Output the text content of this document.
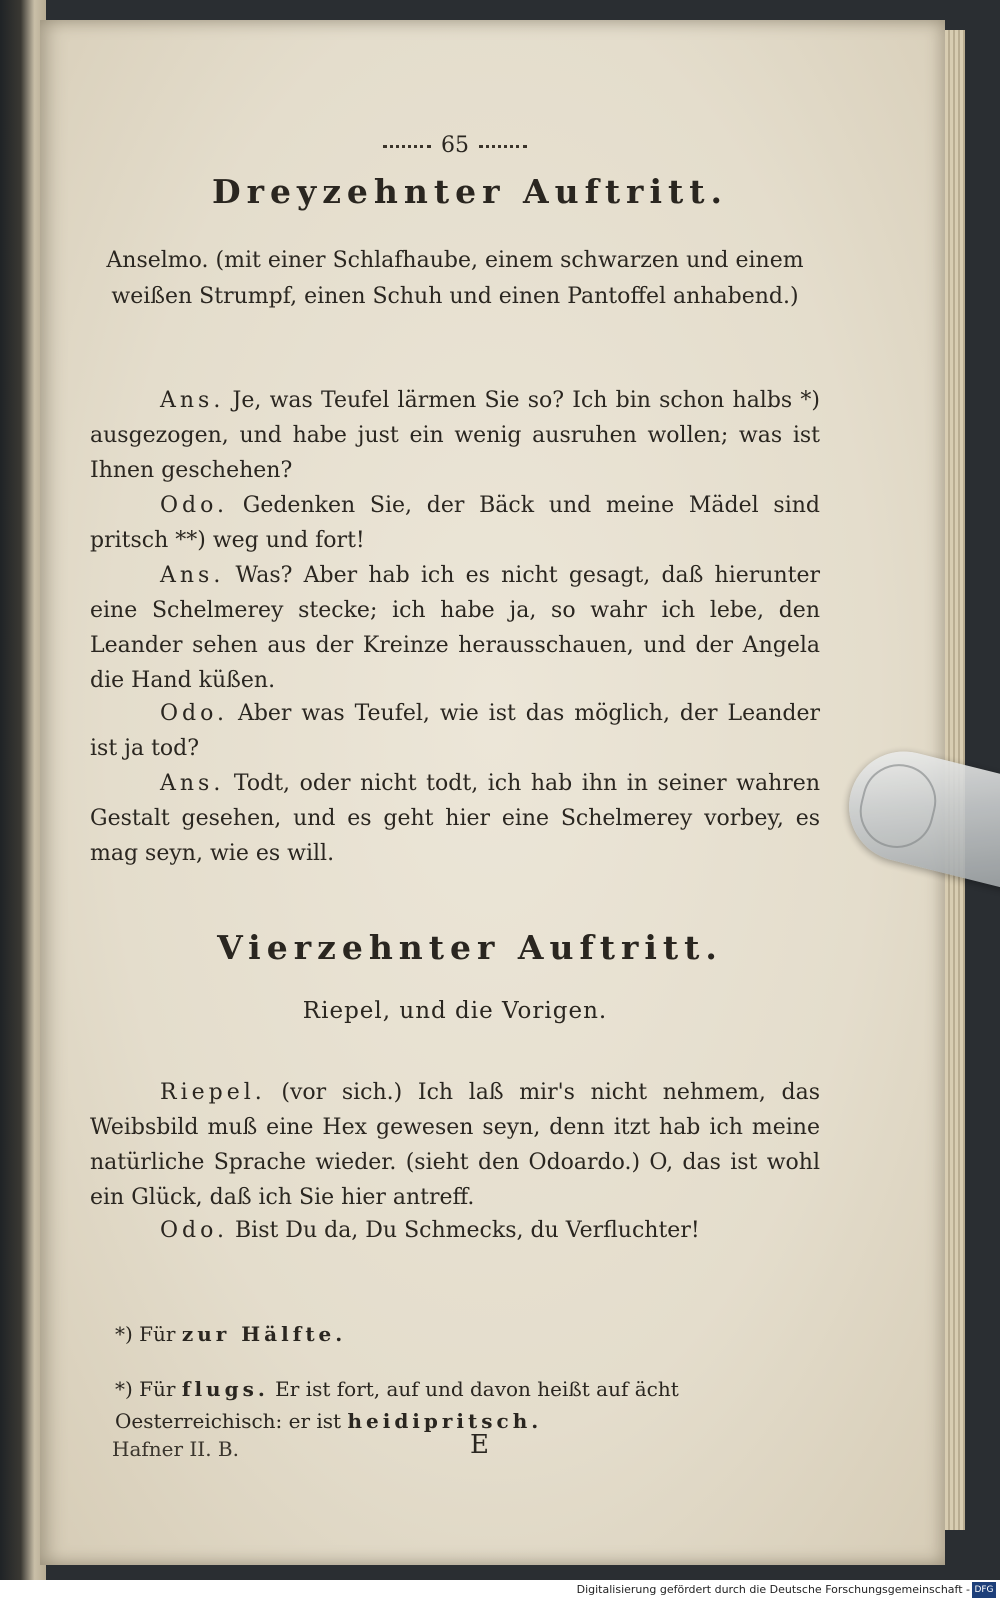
65
Dreyzehnter Auftritt.
Anselmo. (mit einer Schlafhaube, einem schwarzen und einem weißen Strumpf, einen Schuh und einen Pantoffel anhabend.)
Ans. Je, was Teufel lärmen Sie so? Ich bin schon halbs *) ausgezogen, und habe just ein wenig ausruhen wollen; was ist Ihnen geschehen?
Odo. Gedenken Sie, der Bäck und meine Mädel sind pritsch **) weg und fort!
Ans. Was? Aber hab ich es nicht gesagt, daß hierunter eine Schelmerey stecke; ich habe ja, so wahr ich lebe, den Leander sehen aus der Kreinze herausschauen, und der Angela die Hand küßen.
Odo. Aber was Teufel, wie ist das möglich, der Leander ist ja tod?
Ans. Todt, oder nicht todt, ich hab ihn in seiner wahren Gestalt gesehen, und es geht hier eine Schelmerey vorbey, es mag seyn, wie es will.
Vierzehnter Auftritt.
Riepel, und die Vorigen.
Riepel. (vor sich.) Ich laß mir's nicht nehmem, das Weibsbild muß eine Hex gewesen seyn, denn itzt hab ich meine natürliche Sprache wieder. (sieht den Odoardo.) O, das ist wohl ein Glück, daß ich Sie hier antreff.
Odo. Bist Du da, Du Schmecks, du Verfluchter!
*) Für zur Hälfte.
*) Für flugs. Er ist fort, auf und davon heißt auf ächt Oesterreichisch: er ist heidipritsch.
Hafner II. B.	E
Digitalisierung gefördert durch die Deutsche Forschungsgemeinschaft - DFG
